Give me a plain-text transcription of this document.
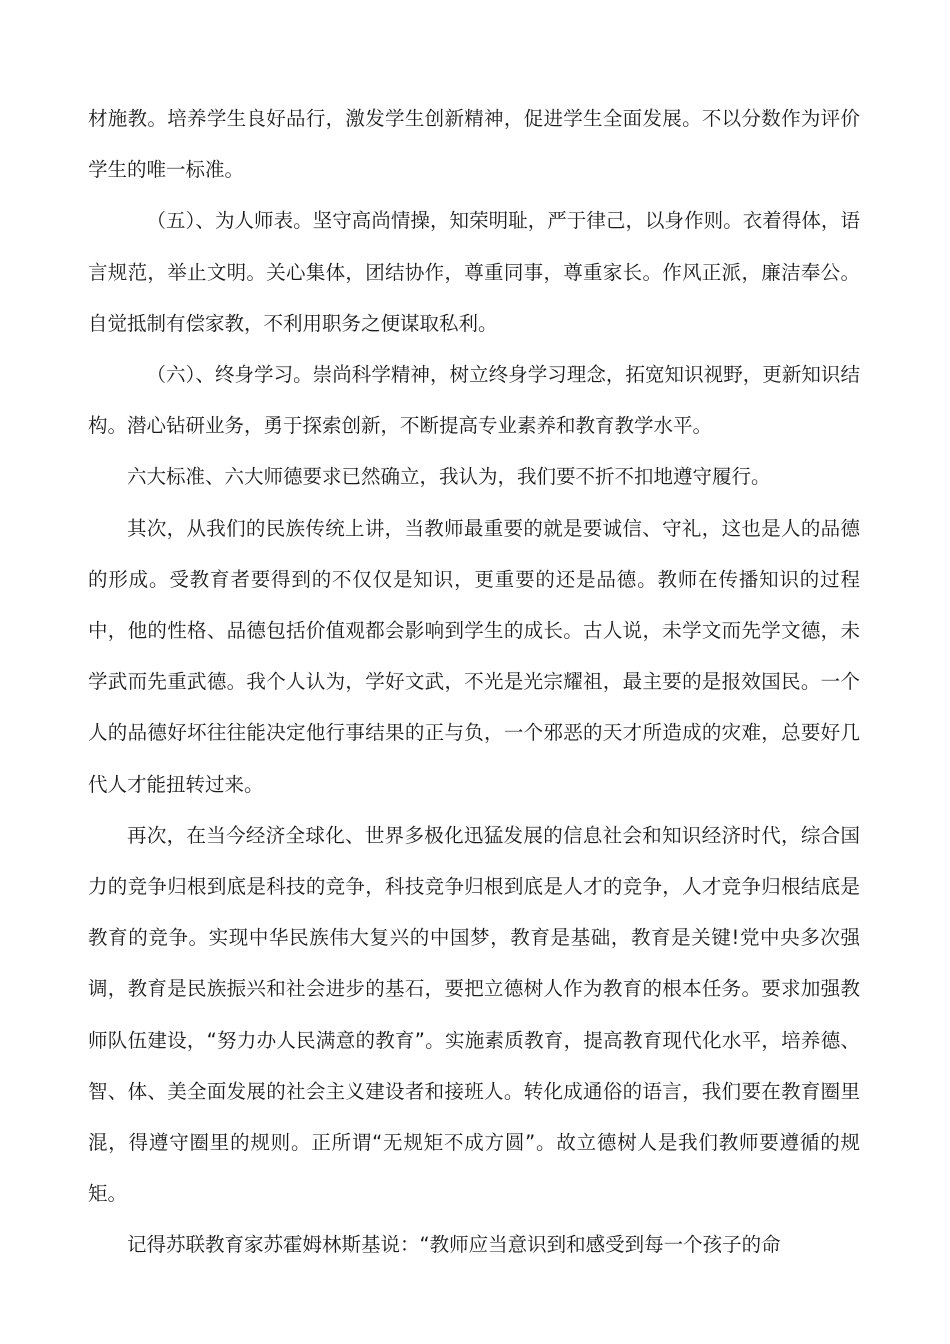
材施教。培养学生良好品行，激发学生创新精神，促进学生全面发展。不以分数作为评价学生的唯一标准。

（五）、为人师表。坚守高尚情操，知荣明耻，严于律己，以身作则。衣着得体，语言规范，举止文明。关心集体，团结协作，尊重同事，尊重家长。作风正派，廉洁奉公。自觉抵制有偿家教，不利用职务之便谋取私利。

（六）、终身学习。崇尚科学精神，树立终身学习理念，拓宽知识视野，更新知识结构。潜心钻研业务，勇于探索创新，不断提高专业素养和教育教学水平。

六大标准、六大师德要求已然确立，我认为，我们要不折不扣地遵守履行。

其次，从我们的民族传统上讲，当教师最重要的就是要诚信、守礼，这也是人的品德的形成。受教育者要得到的不仅仅是知识，更重要的还是品德。教师在传播知识的过程中，他的性格、品德包括价值观都会影响到学生的成长。古人说，未学文而先学文德，未学武而先重武德。我个人认为，学好文武，不光是光宗耀祖，最主要的是报效国民。一个人的品德好坏往往能决定他行事结果的正与负，一个邪恶的天才所造成的灾难，总要好几代人才能扭转过来。

再次，在当今经济全球化、世界多极化迅猛发展的信息社会和知识经济时代，综合国力的竞争归根到底是科技的竞争，科技竞争归根到底是人才的竞争，人才竞争归根结底是教育的竞争。实现中华民族伟大复兴的中国梦，教育是基础，教育是关键!党中央多次强调，教育是民族振兴和社会进步的基石，要把立德树人作为教育的根本任务。要求加强教师队伍建设，“努力办人民满意的教育”。实施素质教育，提高教育现代化水平，培养德、智、体、美全面发展的社会主义建设者和接班人。转化成通俗的语言，我们要在教育圈里混，得遵守圈里的规则。正所谓“无规矩不成方圆”。故立德树人是我们教师要遵循的规矩。

记得苏联教育家苏霍姆林斯基说：“教师应当意识到和感受到每一个孩子的命
